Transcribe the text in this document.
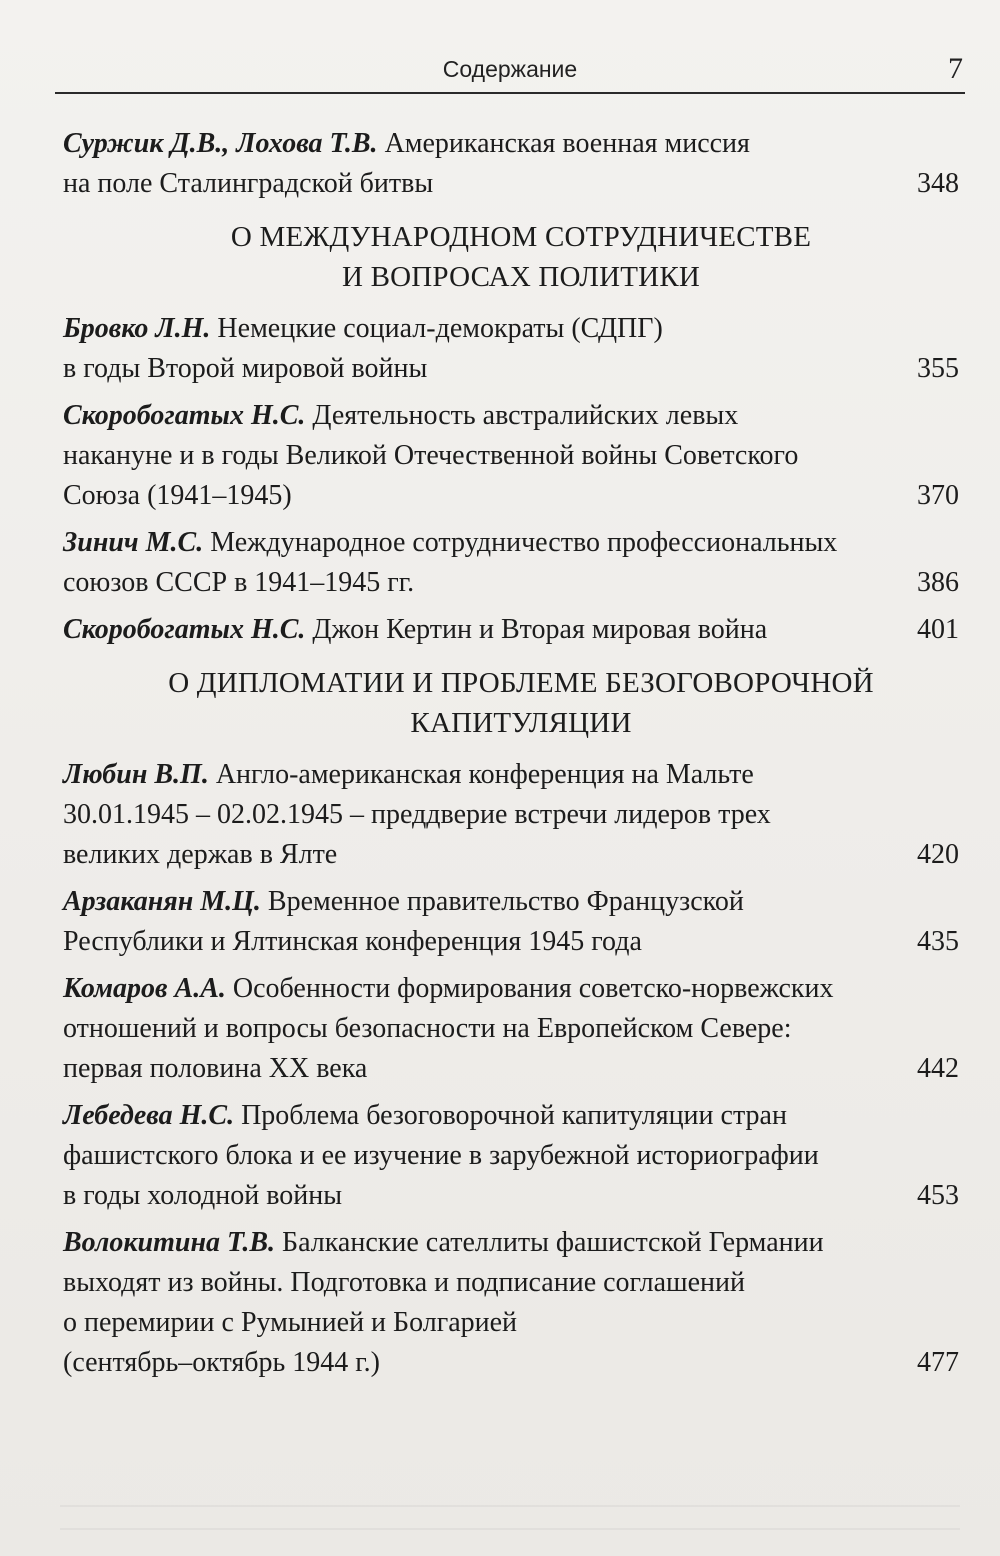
Содержание	7
Суржик Д.В., Лохова Т.В. Американская военная миссия
на поле Сталинградской битвы	348
О МЕЖДУНАРОДНОМ СОТРУДНИЧЕСТВЕ
И ВОПРОСАХ ПОЛИТИКИ
Бровко Л.Н. Немецкие социал-демократы (СДПГ)
в годы Второй мировой войны	355
Скоробогатых Н.С. Деятельность австралийских левых
накануне и в годы Великой Отечественной войны Советского
Союза (1941–1945)	370
Зинич М.С. Международное сотрудничество профессиональных
союзов СССР в 1941–1945 гг.	386
Скоробогатых Н.С. Джон Кертин и Вторая мировая война	401
О ДИПЛОМАТИИ И ПРОБЛЕМЕ БЕЗОГОВОРОЧНОЙ
КАПИТУЛЯЦИИ
Любин В.П. Англо-американская конференция на Мальте
30.01.1945 – 02.02.1945 – преддверие встречи лидеров трех
великих держав в Ялте	420
Арзаканян М.Ц. Временное правительство Французской
Республики и Ялтинская конференция 1945 года	435
Комаров А.А. Особенности формирования советско-норвежских
отношений и вопросы безопасности на Европейском Севере:
первая половина XX века	442
Лебедева Н.С. Проблема безоговорочной капитуляции стран
фашистского блока и ее изучение в зарубежной историографии
в годы холодной войны	453
Волокитина Т.В. Балканские сателлиты фашистской Германии
выходят из войны. Подготовка и подписание соглашений
о перемирии с Румынией и Болгарией
(сентябрь–октябрь 1944 г.)	477
